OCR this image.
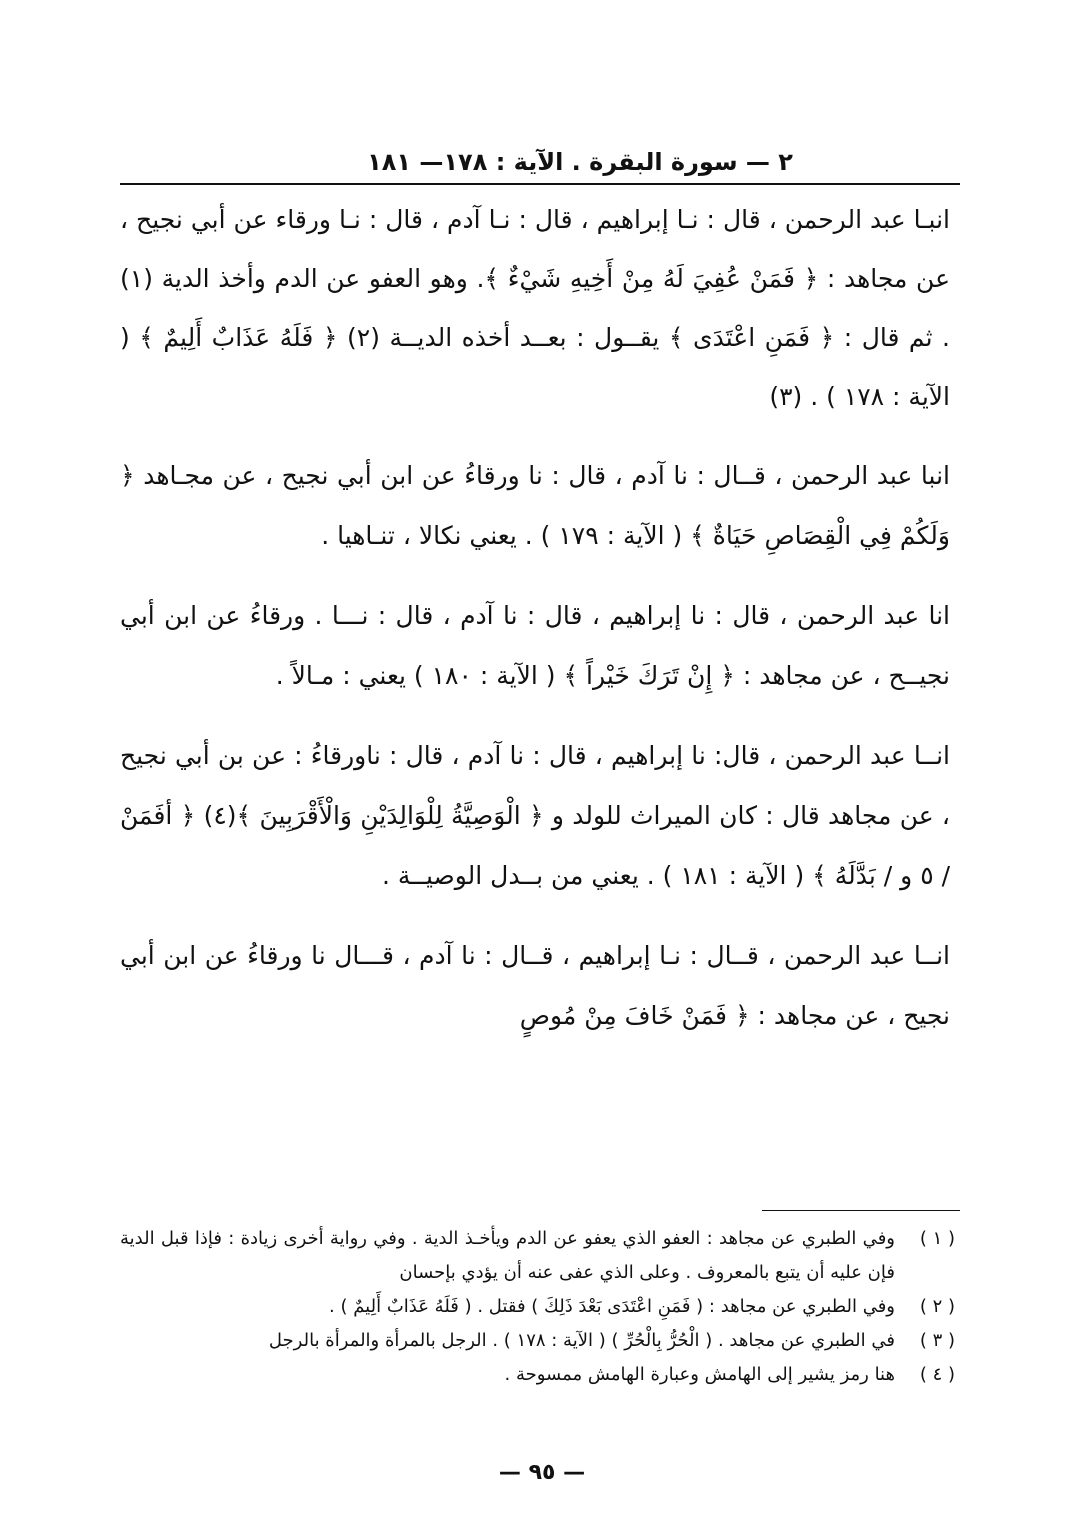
٢ — سورة البقرة . الآية : ١٧٨— ١٨١

انبـا عبد الرحمن ، قال : نـا إبراهيم ، قال : نـا آدم ، قال : نـا ورقاء عن أبي نجيح ، عن مجاهد : ﴿ فَمَنْ عُفِيَ لَهُ مِنْ أَخِيهِ شَيْءٌ ﴾. وهو العفو عن الدم وأخذ الدية (١) . ثم قال : ﴿ فَمَنِ اعْتَدَى ﴾ يقــول : بعــد أخذه الديــة (٢) ﴿ فَلَهُ عَذَابٌ أَلِيمٌ ﴾ ( الآية : ١٧٨ ) . (٣)

انبا عبد الرحمن ، قــال : نا آدم ، قال : نا ورقاءُ عن ابن أبي نجيح ، عن مجـاهد ﴿ وَلَكُمْ فِي الْقِصَاصِ حَيَاةٌ ﴾ ( الآية : ١٧٩ ) . يعني نكالا ، تنـاهيا .

انا عبد الرحمن ، قال : نا إبراهيم ، قال : نا آدم ، قال : نـــا . ورقاءُ عن ابن أبي نجيــح ، عن مجاهد : ﴿ إِنْ تَرَكَ خَيْراً ﴾ ( الآية : ١٨٠ ) يعني : مـالاً .

انــا عبد الرحمن ، قال: نا إبراهيم ، قال : نا آدم ، قال : ناورقاءُ : عن بن أبي نجيح ، عن مجاهد قال : كان الميراث للولد و ﴿ الْوَصِيَّةُ لِلْوَالِدَيْنِ وَالْأَقْرَبِينَ ﴾(٤) ﴿ أفَمَنْ / ٥ و / بَدَّلَهُ ﴾ ( الآية : ١٨١ ) . يعني من بــدل الوصيــة .

انــا عبد الرحمن ، قــال : نـا إبراهيم ، قــال : نا آدم ، قـــال نا ورقاءُ عن ابن أبي نجيح ، عن مجاهد : ﴿ فَمَنْ خَافَ مِنْ مُوصٍ

( ١ )
وفي الطبري عن مجاهد : العفو الذي يعفو عن الدم ويأخـذ الدية . وفي رواية أخرى زيادة : فإذا قبل الدية فإن عليه أن يتبع بالمعروف . وعلى الذي عفى عنه أن يؤدي بإحسان
( ٢ )
وفي الطبري عن مجاهد : ( فَمَنِ اعْتَدَى بَعْدَ ذَلِكَ ) فقتل . ( فَلَهُ عَذَابٌ أَلِيمٌ ) .
( ٣ )
في الطبري عن مجاهد . ( الْحُرُّ بِالْحُرِّ ) ( الآية : ١٧٨ ) . الرجل بالمرأة والمرأة بالرجل
( ٤ )
هنا رمز يشير إلى الهامش وعبارة الهامش ممسوحة .
— ٩٥ —
